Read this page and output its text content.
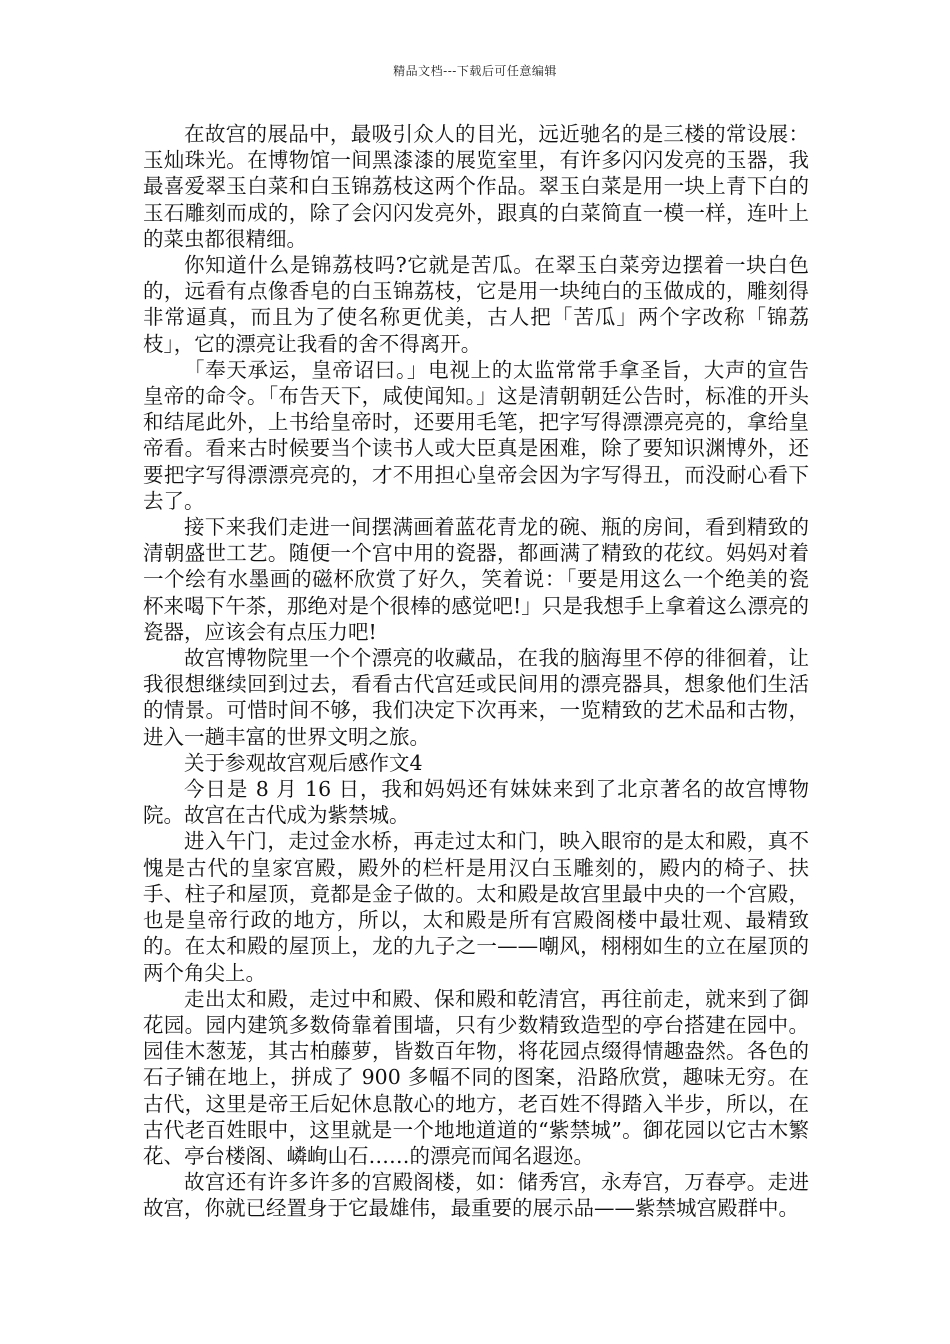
精品文档---下载后可任意编辑

在故宫的展品中，最吸引众人的目光，远近驰名的是三楼的常设展：玉灿珠光。在博物馆一间黑漆漆的展览室里，有许多闪闪发亮的玉器，我最喜爱翠玉白菜和白玉锦荔枝这两个作品。翠玉白菜是用一块上青下白的玉石雕刻而成的，除了会闪闪发亮外，跟真的白菜简直一模一样，连叶上的菜虫都很精细。

你知道什么是锦荔枝吗?它就是苦瓜。在翠玉白菜旁边摆着一块白色的，远看有点像香皂的白玉锦荔枝，它是用一块纯白的玉做成的，雕刻得非常逼真，而且为了使名称更优美，古人把「苦瓜」两个字改称「锦荔枝」，它的漂亮让我看的舍不得离开。

「奉天承运，皇帝诏曰。」电视上的太监常常手拿圣旨，大声的宣告皇帝的命令。「布告天下，咸使闻知。」这是清朝朝廷公告时，标准的开头和结尾此外，上书给皇帝时，还要用毛笔，把字写得漂漂亮亮的，拿给皇帝看。看来古时候要当个读书人或大臣真是困难，除了要知识渊博外，还要把字写得漂漂亮亮的，才不用担心皇帝会因为字写得丑，而没耐心看下去了。

接下来我们走进一间摆满画着蓝花青龙的碗、瓶的房间，看到精致的清朝盛世工艺。随便一个宫中用的瓷器，都画满了精致的花纹。妈妈对着一个绘有水墨画的磁杯欣赏了好久，笑着说：「要是用这么一个绝美的瓷杯来喝下午茶，那绝对是个很棒的感觉吧!」只是我想手上拿着这么漂亮的瓷器，应该会有点压力吧!

故宫博物院里一个个漂亮的收藏品，在我的脑海里不停的徘徊着，让我很想继续回到过去，看看古代宫廷或民间用的漂亮器具，想象他们生活的情景。可惜时间不够，我们决定下次再来，一览精致的艺术品和古物，进入一趟丰富的世界文明之旅。

关于参观故宫观后感作文4

今日是 8 月 16 日，我和妈妈还有妹妹来到了北京著名的故宫博物院。故宫在古代成为紫禁城。

进入午门，走过金水桥，再走过太和门，映入眼帘的是太和殿，真不愧是古代的皇家宫殿，殿外的栏杆是用汉白玉雕刻的，殿内的椅子、扶手、柱子和屋顶，竟都是金子做的。太和殿是故宫里最中央的一个宫殿，也是皇帝行政的地方，所以，太和殿是所有宫殿阁楼中最壮观、最精致的。在太和殿的屋顶上，龙的九子之一——嘲风，栩栩如生的立在屋顶的两个角尖上。

走出太和殿，走过中和殿、保和殿和乾清宫，再往前走，就来到了御花园。园内建筑多数倚靠着围墙，只有少数精致造型的亭台搭建在园中。园佳木葱茏，其古柏藤萝，皆数百年物，将花园点缀得情趣盎然。各色的石子铺在地上，拼成了 900 多幅不同的图案，沿路欣赏，趣味无穷。在古代，这里是帝王后妃休息散心的地方，老百姓不得踏入半步，所以，在古代老百姓眼中，这里就是一个地地道道的“紫禁城”。御花园以它古木繁花、亭台楼阁、嶙峋山石……的漂亮而闻名遐迩。

故宫还有许多许多的宫殿阁楼，如：储秀宫，永寿宫，万春亭。走进故宫，你就已经置身于它最雄伟，最重要的展示品——紫禁城宫殿群中。
